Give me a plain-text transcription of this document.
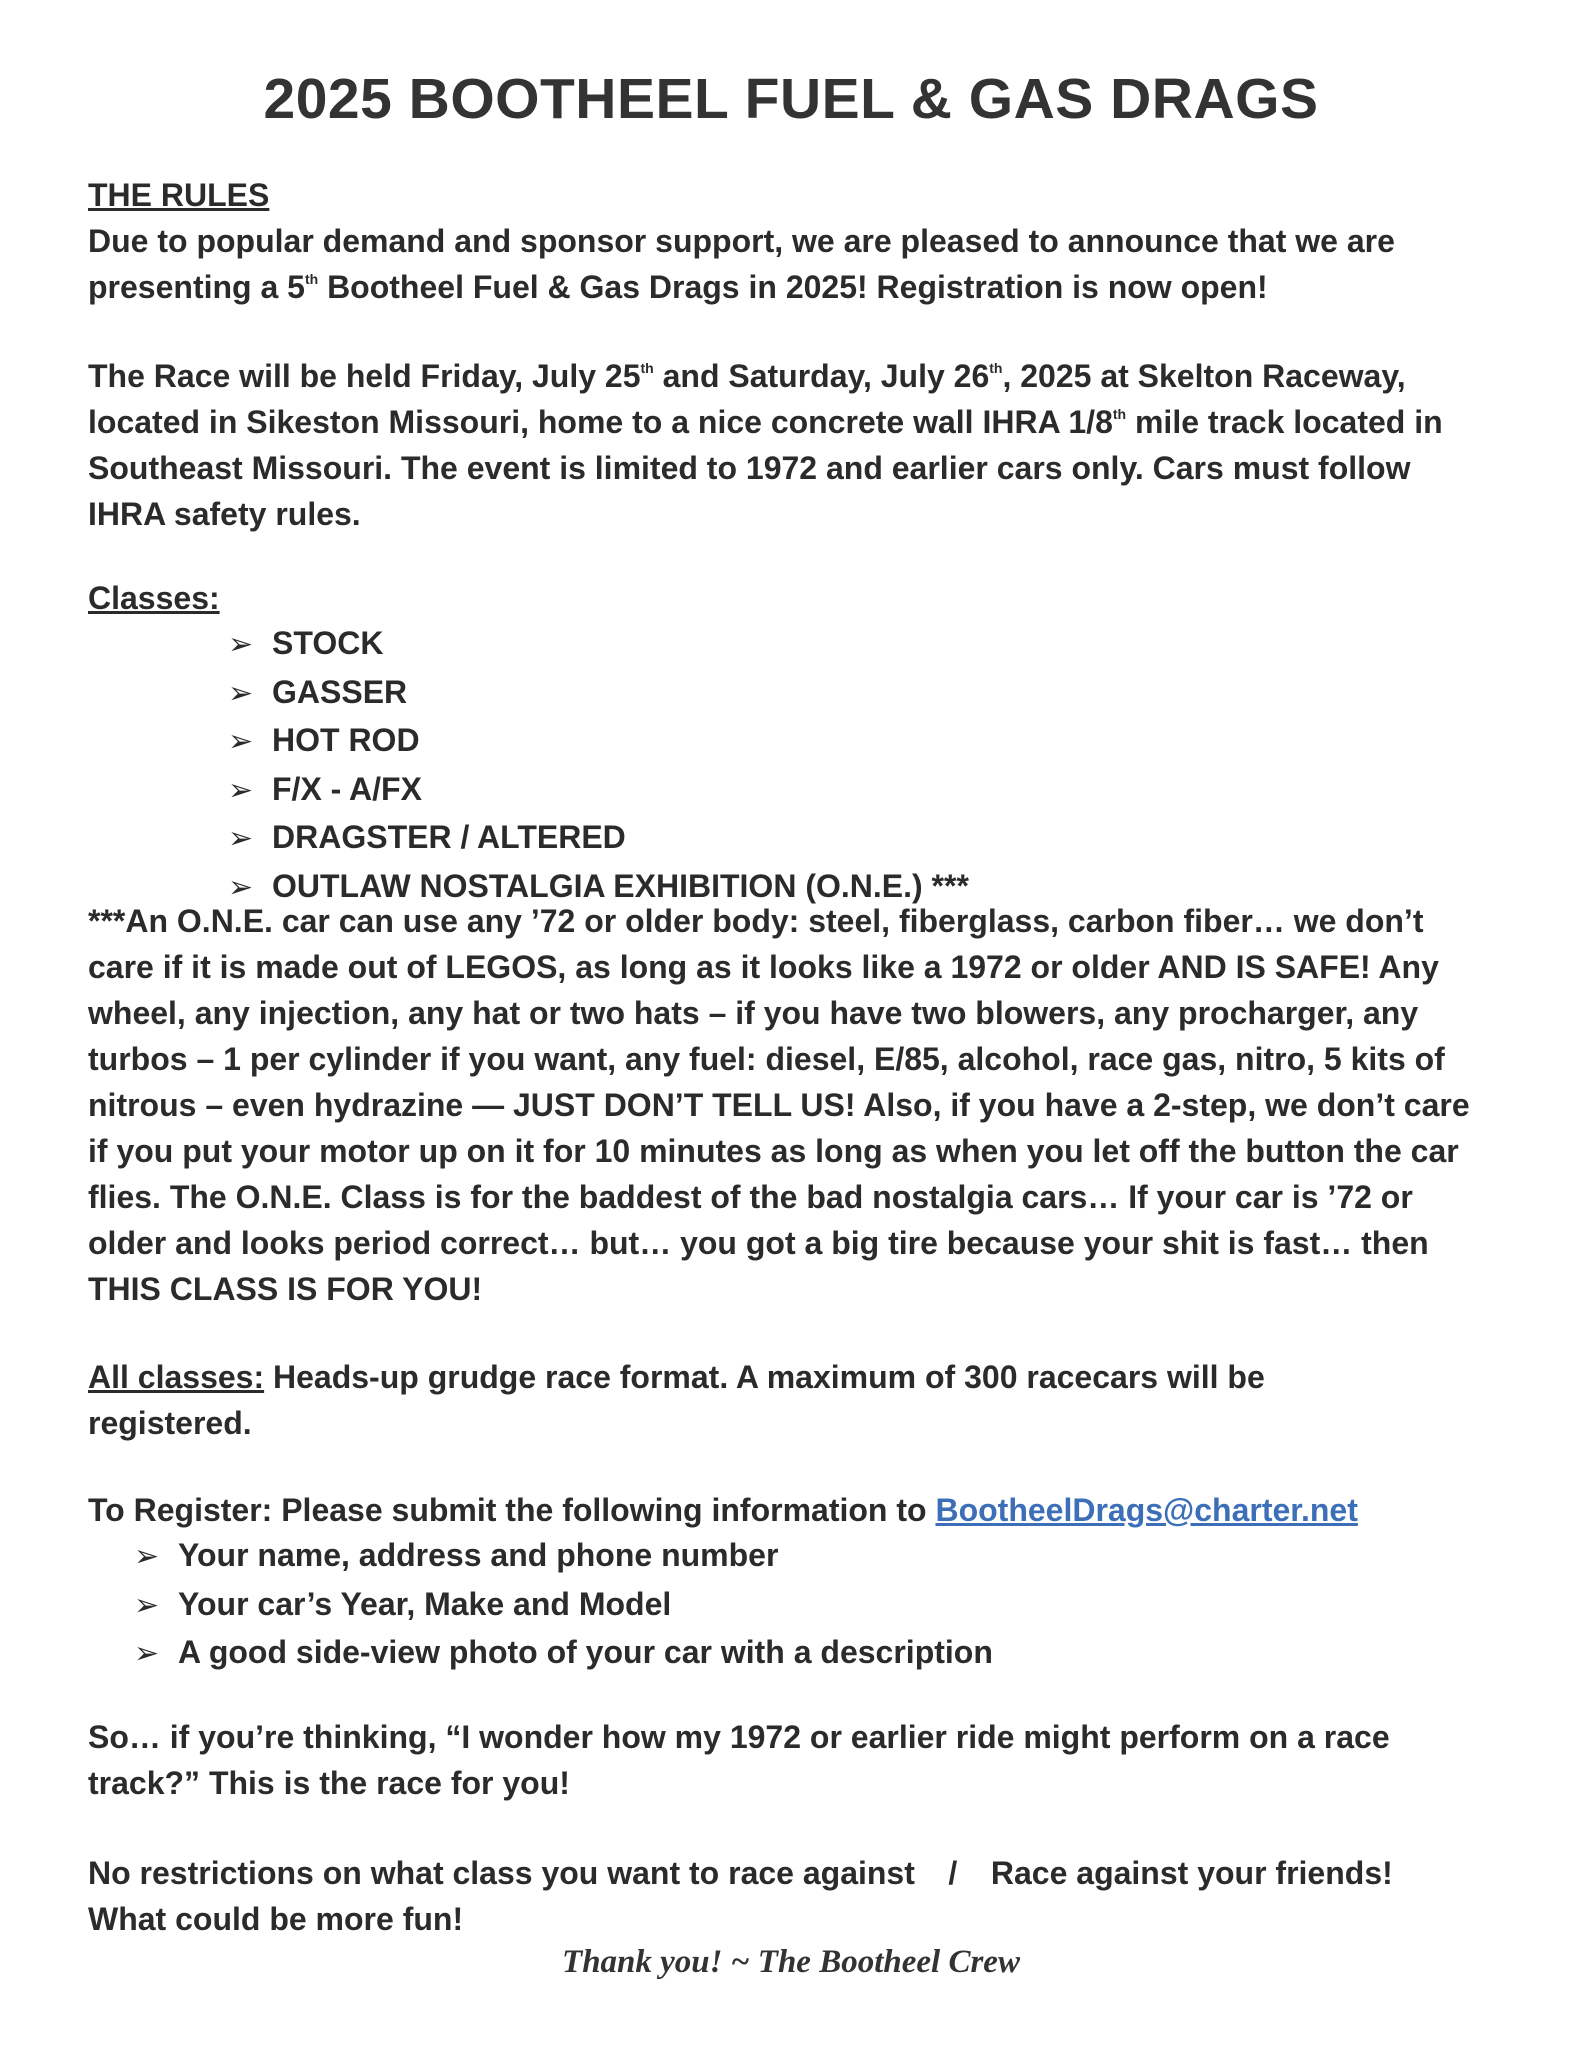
2025 BOOTHEEL FUEL & GAS DRAGS
THE RULES
Due to popular demand and sponsor support, we are pleased to announce that we are presenting a 5th Bootheel Fuel & Gas Drags in 2025! Registration is now open!
The Race will be held Friday, July 25th and Saturday, July 26th, 2025 at Skelton Raceway, located in Sikeston Missouri, home to a nice concrete wall IHRA 1/8th mile track located in Southeast Missouri. The event is limited to 1972 and earlier cars only. Cars must follow IHRA safety rules.
Classes:
➢ STOCK
➢ GASSER
➢ HOT ROD
➢ F/X - A/FX
➢ DRAGSTER / ALTERED
➢ OUTLAW NOSTALGIA EXHIBITION (O.N.E.) ***
***An O.N.E. car can use any ’72 or older body: steel, fiberglass, carbon fiber… we don’t care if it is made out of LEGOS, as long as it looks like a 1972 or older AND IS SAFE! Any wheel, any injection, any hat or two hats – if you have two blowers, any procharger, any turbos – 1 per cylinder if you want, any fuel: diesel, E/85, alcohol, race gas, nitro, 5 kits of nitrous – even hydrazine — JUST DON’T TELL US! Also, if you have a 2-step, we don’t care if you put your motor up on it for 10 minutes as long as when you let off the button the car flies. The O.N.E. Class is for the baddest of the bad nostalgia cars… If your car is ’72 or older and looks period correct… but… you got a big tire because your shit is fast… then THIS CLASS IS FOR YOU!
All classes: Heads-up grudge race format. A maximum of 300 racecars will be registered.
To Register: Please submit the following information to BootheelDrags@charter.net
➢ Your name, address and phone number
➢ Your car’s Year, Make and Model
➢ A good side-view photo of your car with a description
So… if you’re thinking, “I wonder how my 1972 or earlier ride might perform on a race track?” This is the race for you!
No restrictions on what class you want to race against / Race against your friends!
What could be more fun!
Thank you! ~ The Bootheel Crew
